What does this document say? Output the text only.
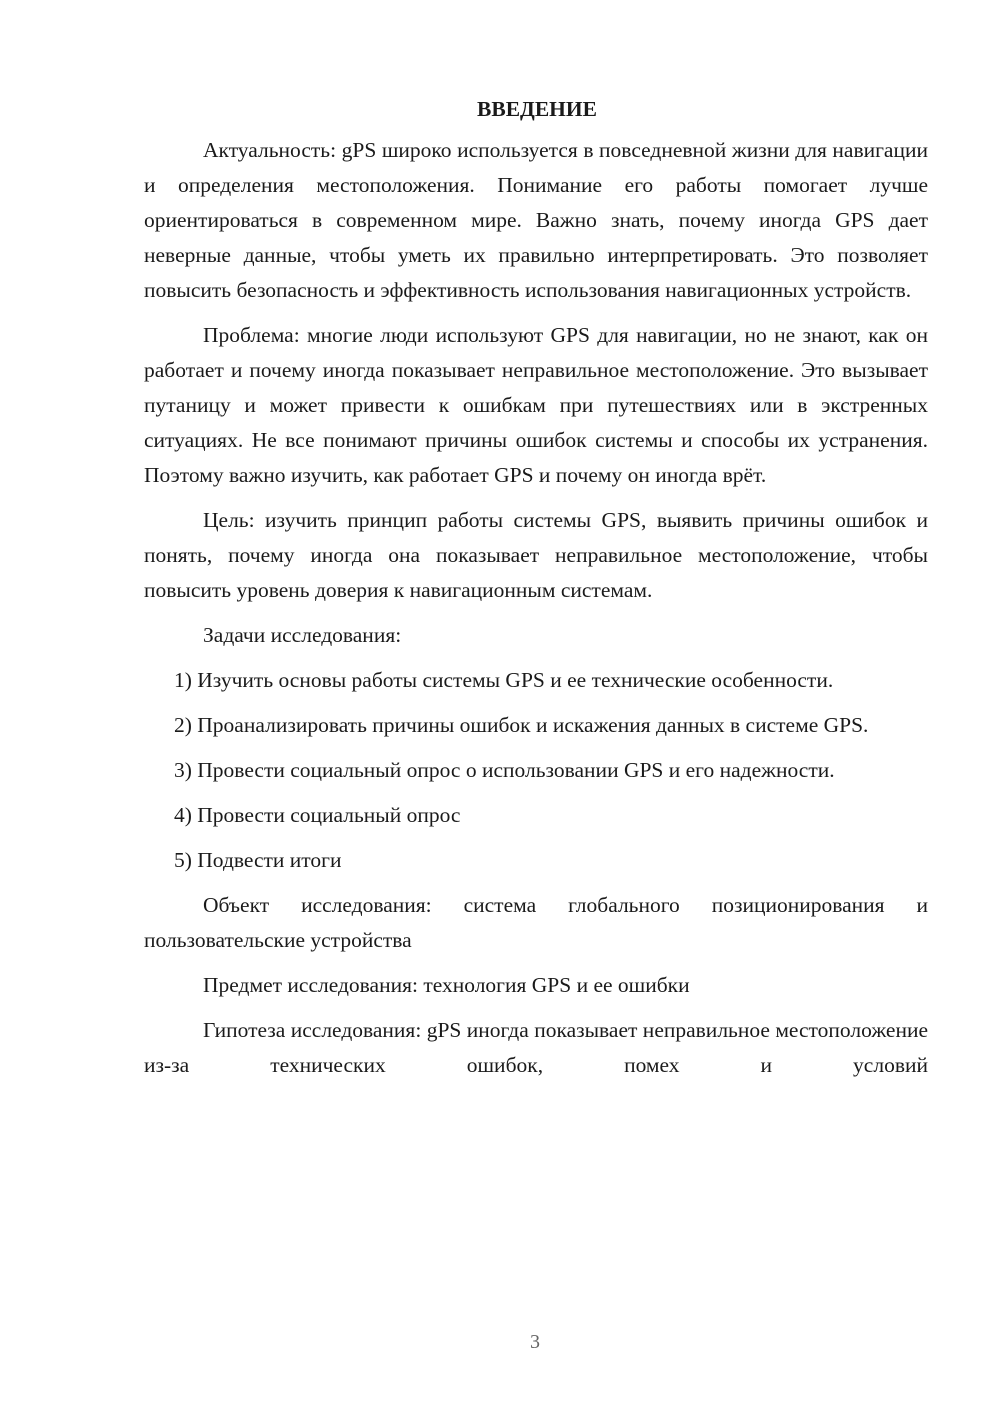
ВВЕДЕНИЕ

Актуальность: gPS широко используется в повседневной жизни для навигации и определения местоположения. Понимание его работы помогает лучше ориентироваться в современном мире. Важно знать, почему иногда GPS дает неверные данные, чтобы уметь их правильно интерпретировать. Это позволяет повысить безопасность и эффективность использования навигационных устройств.

Проблема: многие люди используют GPS для навигации, но не знают, как он работает и почему иногда показывает неправильное местоположение. Это вызывает путаницу и может привести к ошибкам при путешествиях или в экстренных ситуациях. Не все понимают причины ошибок системы и способы их устранения. Поэтому важно изучить, как работает GPS и почему он иногда врёт.

Цель: изучить принцип работы системы GPS, выявить причины ошибок и понять, почему иногда она показывает неправильное местоположение, чтобы повысить уровень доверия к навигационным системам.

Задачи исследования:

1) Изучить основы работы системы GPS и ее технические особенности.

2) Проанализировать причины ошибок и искажения данных в системе GPS.

3) Провести социальный опрос о использовании GPS и его надежности.

4) Провести социальный опрос

5) Подвести итоги

Объект исследования: система глобального позиционирования и пользовательские устройства

Предмет исследования: технология GPS и ее ошибки

Гипотеза исследования: gPS иногда показывает неправильное местоположение из-за технических ошибок, помех и условий

3
